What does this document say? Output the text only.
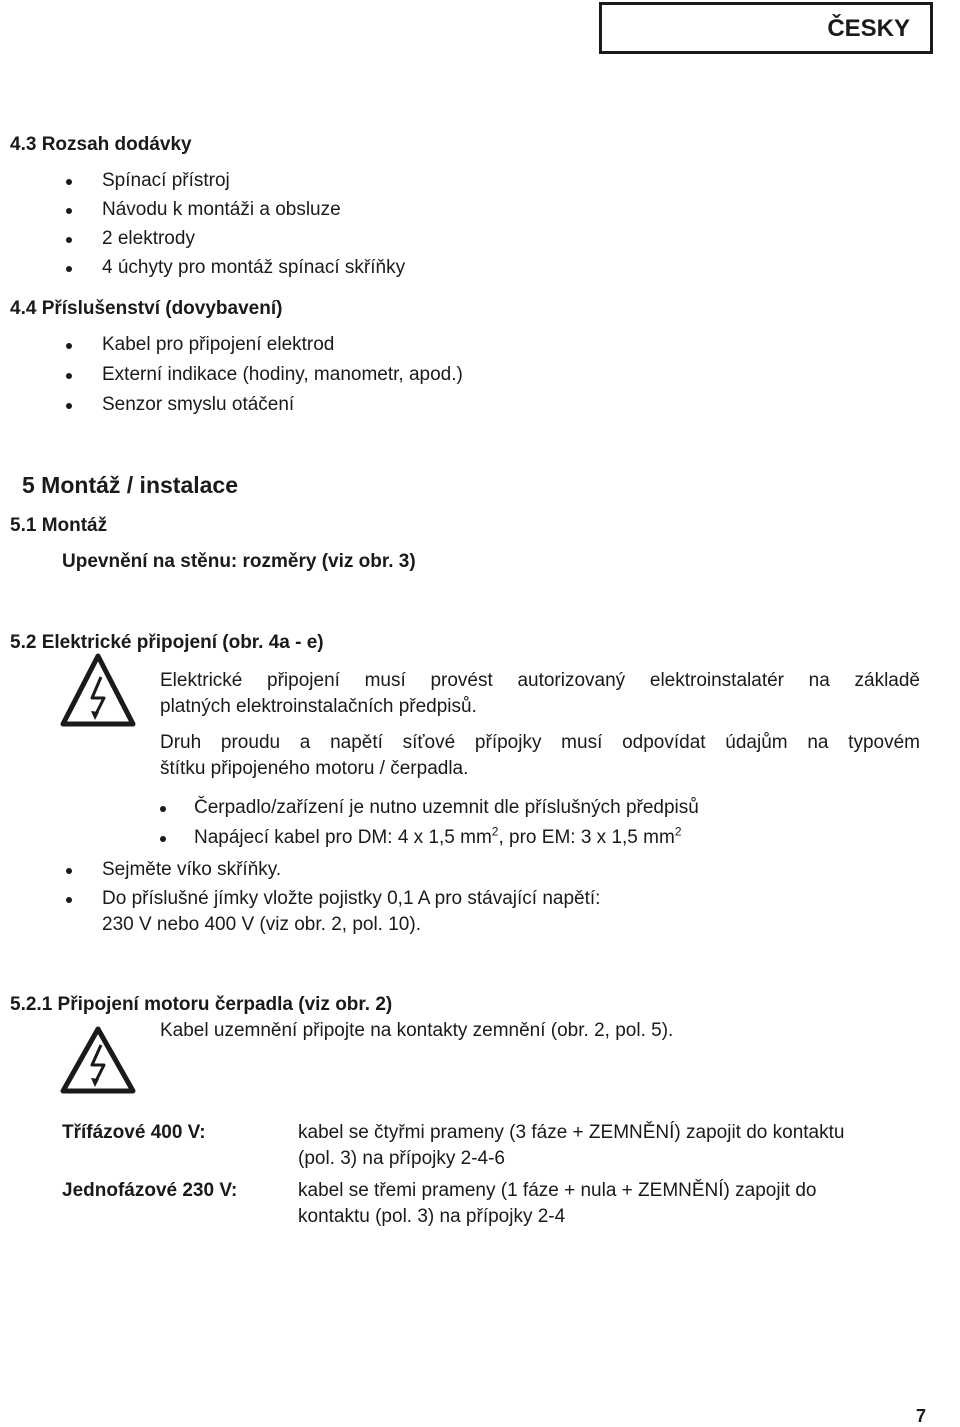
ČESKY
4.3 Rozsah dodávky
Spínací přístroj
Návodu k montáži a obsluze
2 elektrody
4 úchyty pro montáž spínací skříňky
4.4 Příslušenství (dovybavení)
Kabel pro připojení elektrod
Externí indikace (hodiny, manometr, apod.)
Senzor smyslu otáčení
5 Montáž / instalace
5.1 Montáž
Upevnění na stěnu: rozměry (viz obr. 3)
5.2 Elektrické připojení (obr. 4a - e)
Elektrické připojení musí provést autorizovaný elektroinstalatér na základě
platných elektroinstalačních předpisů.
Druh proudu a napětí síťové přípojky musí odpovídat údajům na typovém
štítku připojeného motoru / čerpadla.
Čerpadlo/zařízení je nutno uzemnit dle příslušných předpisů
Napájecí kabel pro DM: 4 x 1,5 $mm^2$, pro EM: 3 x 1,5 $mm^2$
Sejměte víko skříňky.
Do příslušné jímky vložte pojistky 0,1 A pro stávající napětí:
230 V nebo 400 V (viz obr. 2, pol. 10).
5.2.1 Připojení motoru čerpadla (viz obr. 2)
Kabel uzemnění připojte na kontakty zemnění (obr. 2, pol. 5).
Třífázové 400 V:	kabel se čtyřmi prameny (3 fáze + ZEMNĚNÍ) zapojit do kontaktu
(pol. 3) na přípojky 2-4-6
Jednofázové 230 V:	kabel se třemi prameny (1 fáze + nula + ZEMNĚNÍ) zapojit do
kontaktu (pol. 3) na přípojky 2-4
7
